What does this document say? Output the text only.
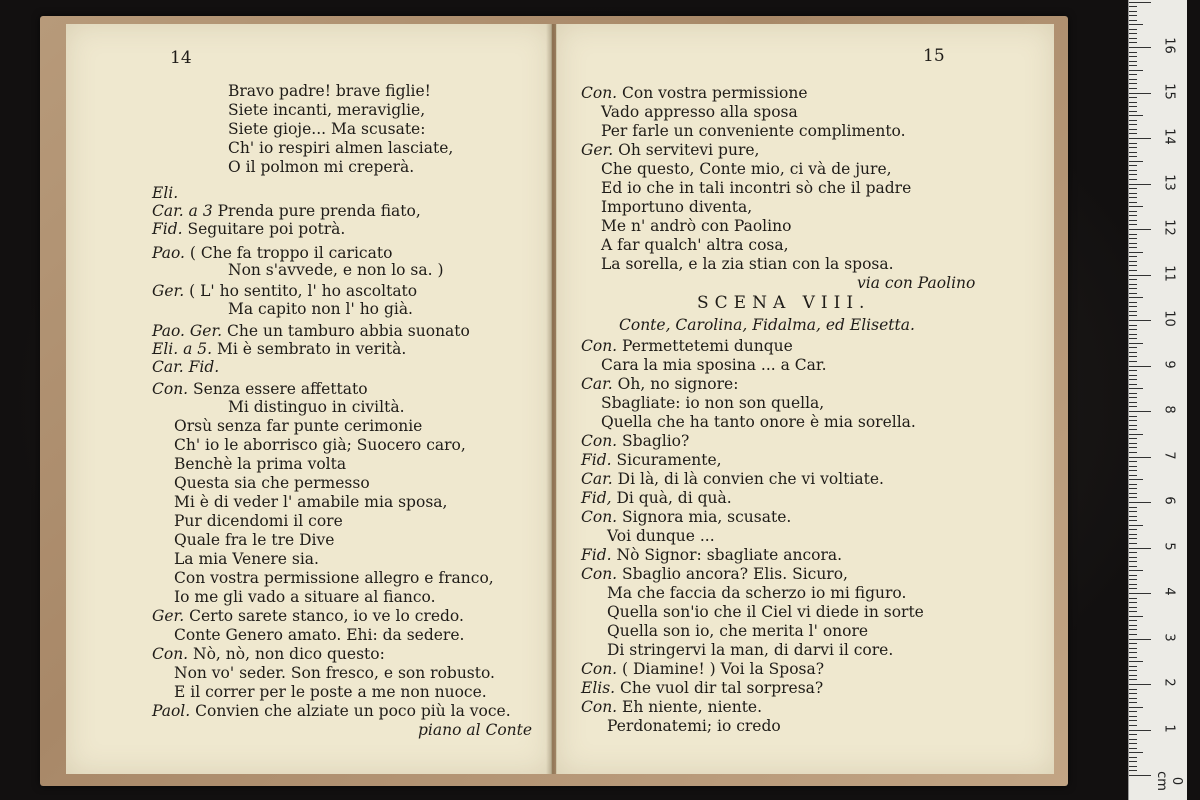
14
Bravo padre! brave figlie!
Siete incanti, meraviglie,
Siete gioje... Ma scusate:
Ch' io respiri almen lasciate,
O il polmon mi creperà.
Eli.
Car. a 3 Prenda pure prenda fiato,
Fid. Seguitare poi potrà.
Pao. ( Che fa troppo il caricato
Non s'avvede, e non lo sa. )
Ger. ( L' ho sentito, l' ho ascoltato
Ma capito non l' ho già.
Pao. Ger. Che un tamburo abbia suonato
Eli. a 5. Mi è sembrato in verità.
Car. Fid.
Con. Senza essere affettato
Mi distinguo in civiltà.
Orsù senza far punte cerimonie
Ch' io le aborrisco già; Suocero caro,
Benchè la prima volta
Questa sia che permesso
Mi è di veder l' amabile mia sposa,
Pur dicendomi il core
Quale fra le tre Dive
La mia Venere sia.
Con vostra permissione allegro e franco,
Io me gli vado a situare al fianco.
Ger. Certo sarete stanco, io ve lo credo.
Conte Genero amato. Ehi: da sedere.
Con. Nò, nò, non dico questo:
Non vo' seder. Son fresco, e son robusto.
E il correr per le poste a me non nuoce.
Paol. Convien che alziate un poco più la voce.
piano al Conte
15
Con. Con vostra permissione
Vado appresso alla sposa
Per farle un conveniente complimento.
Ger. Oh servitevi pure,
Che questo, Conte mio, ci và de jure,
Ed io che in tali incontri sò che il padre
Importuno diventa,
Me n' andrò con Paolino
A far qualch' altra cosa,
La sorella, e la zia stian con la sposa.
via con Paolino
SCENA VIII.
Conte, Carolina, Fidalma, ed Elisetta.
Con. Permettetemi dunque
Cara la mia sposina ... a Car.
Car. Oh, no signore:
Sbagliate: io non son quella,
Quella che ha tanto onore è mia sorella.
Con. Sbaglio?
Fid. Sicuramente,
Car. Di là, di là convien che vi voltiate.
Fid, Di quà, di quà.
Con. Signora mia, scusate.
Voi dunque ...
Fid. Nò Signor: sbagliate ancora.
Con. Sbaglio ancora? Elis. Sicuro,
Ma che faccia da scherzo io mi figuro.
Quella son'io che il Ciel vi diede in sorte
Quella son io, che merita l' onore
Di stringervi la man, di darvi il core.
Con. ( Diamine! ) Voi la Sposa?
Elis. Che vuol dir tal sorpresa?
Con. Eh niente, niente.
Perdonatemi; io credo
0 cm
1
2
3
4
5
6
7
8
9
10
11
12
13
14
15
16
